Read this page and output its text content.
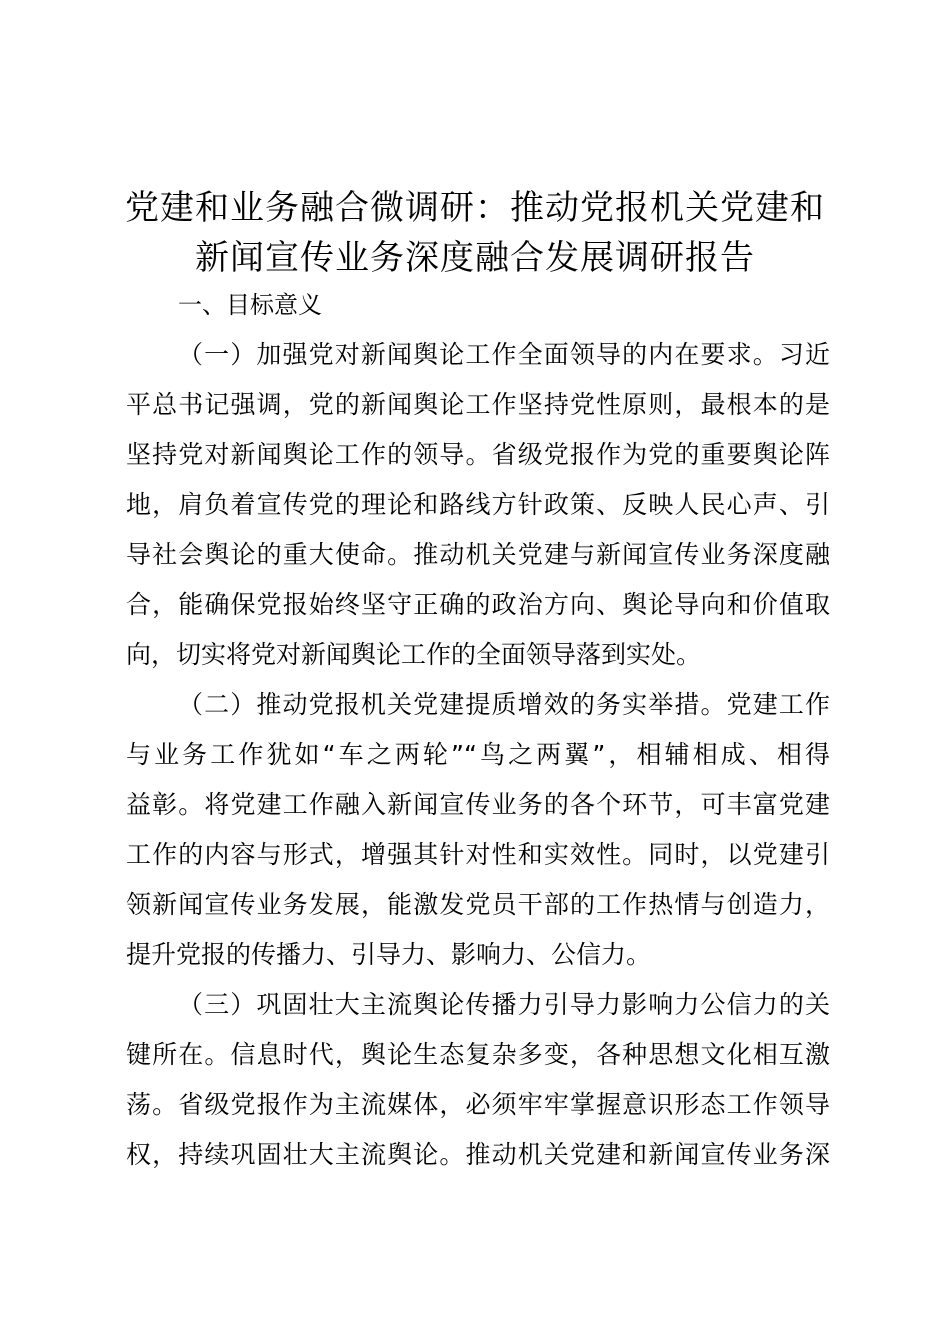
党建和业务融合微调研：推动党报机关党建和
新闻宣传业务深度融合发展调研报告

一、目标意义

（一）加强党对新闻舆论工作全面领导的内在要求。习近

平总书记强调，党的新闻舆论工作坚持党性原则，最根本的是

坚持党对新闻舆论工作的领导。省级党报作为党的重要舆论阵

地，肩负着宣传党的理论和路线方针政策、反映人民心声、引

导社会舆论的重大使命。推动机关党建与新闻宣传业务深度融

合，能确保党报始终坚守正确的政治方向、舆论导向和价值取

向，切实将党对新闻舆论工作的全面领导落到实处。

（二）推动党报机关党建提质增效的务实举措。党建工作

与业务工作犹如“车之两轮”“鸟之两翼”，相辅相成、相得

益彰。将党建工作融入新闻宣传业务的各个环节，可丰富党建

工作的内容与形式，增强其针对性和实效性。同时，以党建引

领新闻宣传业务发展，能激发党员干部的工作热情与创造力，

提升党报的传播力、引导力、影响力、公信力。

（三）巩固壮大主流舆论传播力引导力影响力公信力的关

键所在。信息时代，舆论生态复杂多变，各种思想文化相互激

荡。省级党报作为主流媒体，必须牢牢掌握意识形态工作领导

权，持续巩固壮大主流舆论。推动机关党建和新闻宣传业务深
